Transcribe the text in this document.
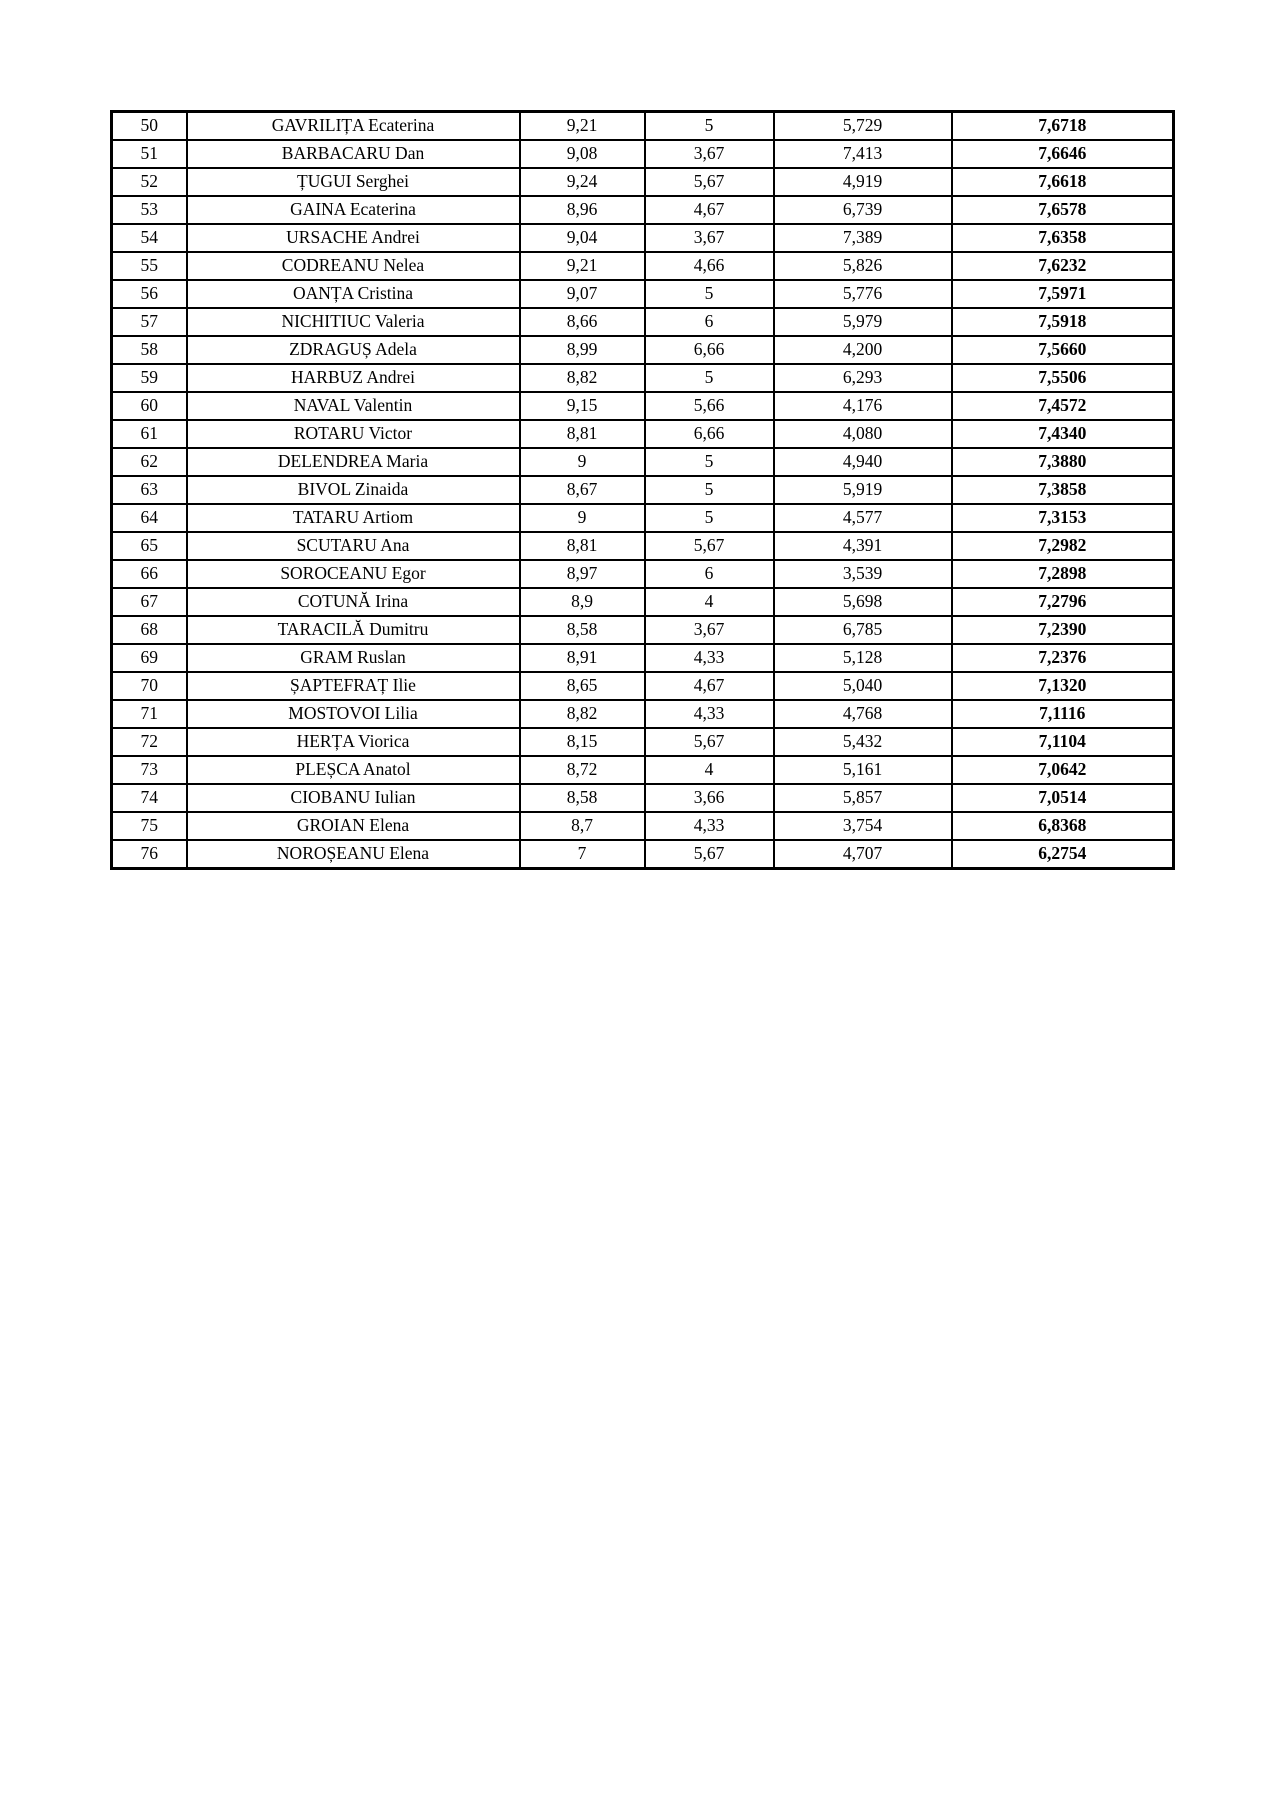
50	GAVRILIȚA Ecaterina	9,21	5	5,729	7,6718
51	BARBACARU Dan	9,08	3,67	7,413	7,6646
52	ȚUGUI Serghei	9,24	5,67	4,919	7,6618
53	GAINA Ecaterina	8,96	4,67	6,739	7,6578
54	URSACHE Andrei	9,04	3,67	7,389	7,6358
55	CODREANU Nelea	9,21	4,66	5,826	7,6232
56	OANȚA Cristina	9,07	5	5,776	7,5971
57	NICHITIUC Valeria	8,66	6	5,979	7,5918
58	ZDRAGUȘ Adela	8,99	6,66	4,200	7,5660
59	HARBUZ Andrei	8,82	5	6,293	7,5506
60	NAVAL Valentin	9,15	5,66	4,176	7,4572
61	ROTARU Victor	8,81	6,66	4,080	7,4340
62	DELENDREA Maria	9	5	4,940	7,3880
63	BIVOL Zinaida	8,67	5	5,919	7,3858
64	TATARU Artiom	9	5	4,577	7,3153
65	SCUTARU Ana	8,81	5,67	4,391	7,2982
66	SOROCEANU Egor	8,97	6	3,539	7,2898
67	COTUNĂ Irina	8,9	4	5,698	7,2796
68	TARACILĂ Dumitru	8,58	3,67	6,785	7,2390
69	GRAM Ruslan	8,91	4,33	5,128	7,2376
70	ȘAPTEFRAȚ Ilie	8,65	4,67	5,040	7,1320
71	MOSTOVOI Lilia	8,82	4,33	4,768	7,1116
72	HERȚA Viorica	8,15	5,67	5,432	7,1104
73	PLEȘCA Anatol	8,72	4	5,161	7,0642
74	CIOBANU Iulian	8,58	3,66	5,857	7,0514
75	GROIAN Elena	8,7	4,33	3,754	6,8368
76	NOROȘEANU Elena	7	5,67	4,707	6,2754
